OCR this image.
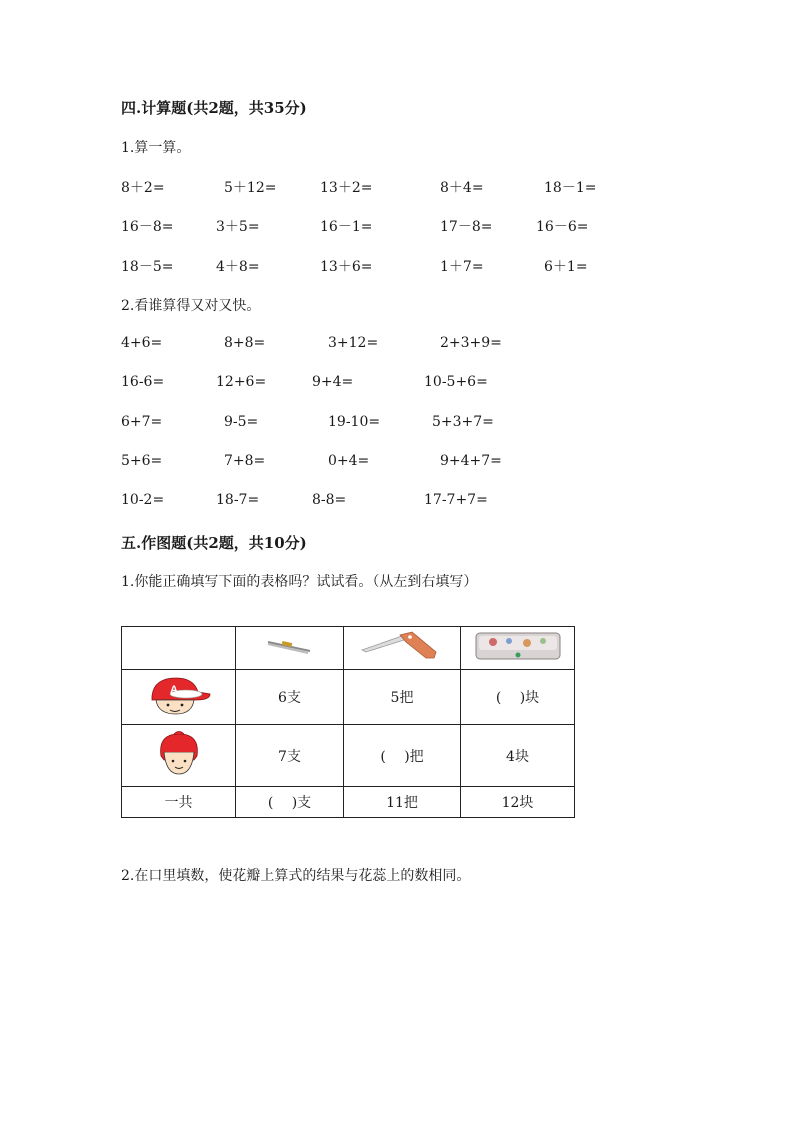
四.计算题(共2题，共35分)
1.算一算。
8＋2=	5＋12=	13＋2=	8＋4=	18－1=
16－8=	3＋5=	16－1=	17－8=	16－6=
18－5=	4＋8=	13＋6=	1＋7=	6＋1=
2.看谁算得又对又快。
4+6=	8+8=	3+12=	2+3+9=
16-6=	12+6=	9+4=	10-5+6=
6+7=	9-5=	19-10=	5+3+7=
5+6=	7+8=	0+4=	9+4+7=
10-2=	18-7=	8-8=	17-7+7=
五.作图题(共2题，共10分)
1.你能正确填写下面的表格吗？试试看。（从左到右填写）

A	6支	5把	(　 )块
	7支	(　 )把	4块
一共	(　 )支	11把	12块
2.在口里填数，使花瓣上算式的结果与花蕊上的数相同。
